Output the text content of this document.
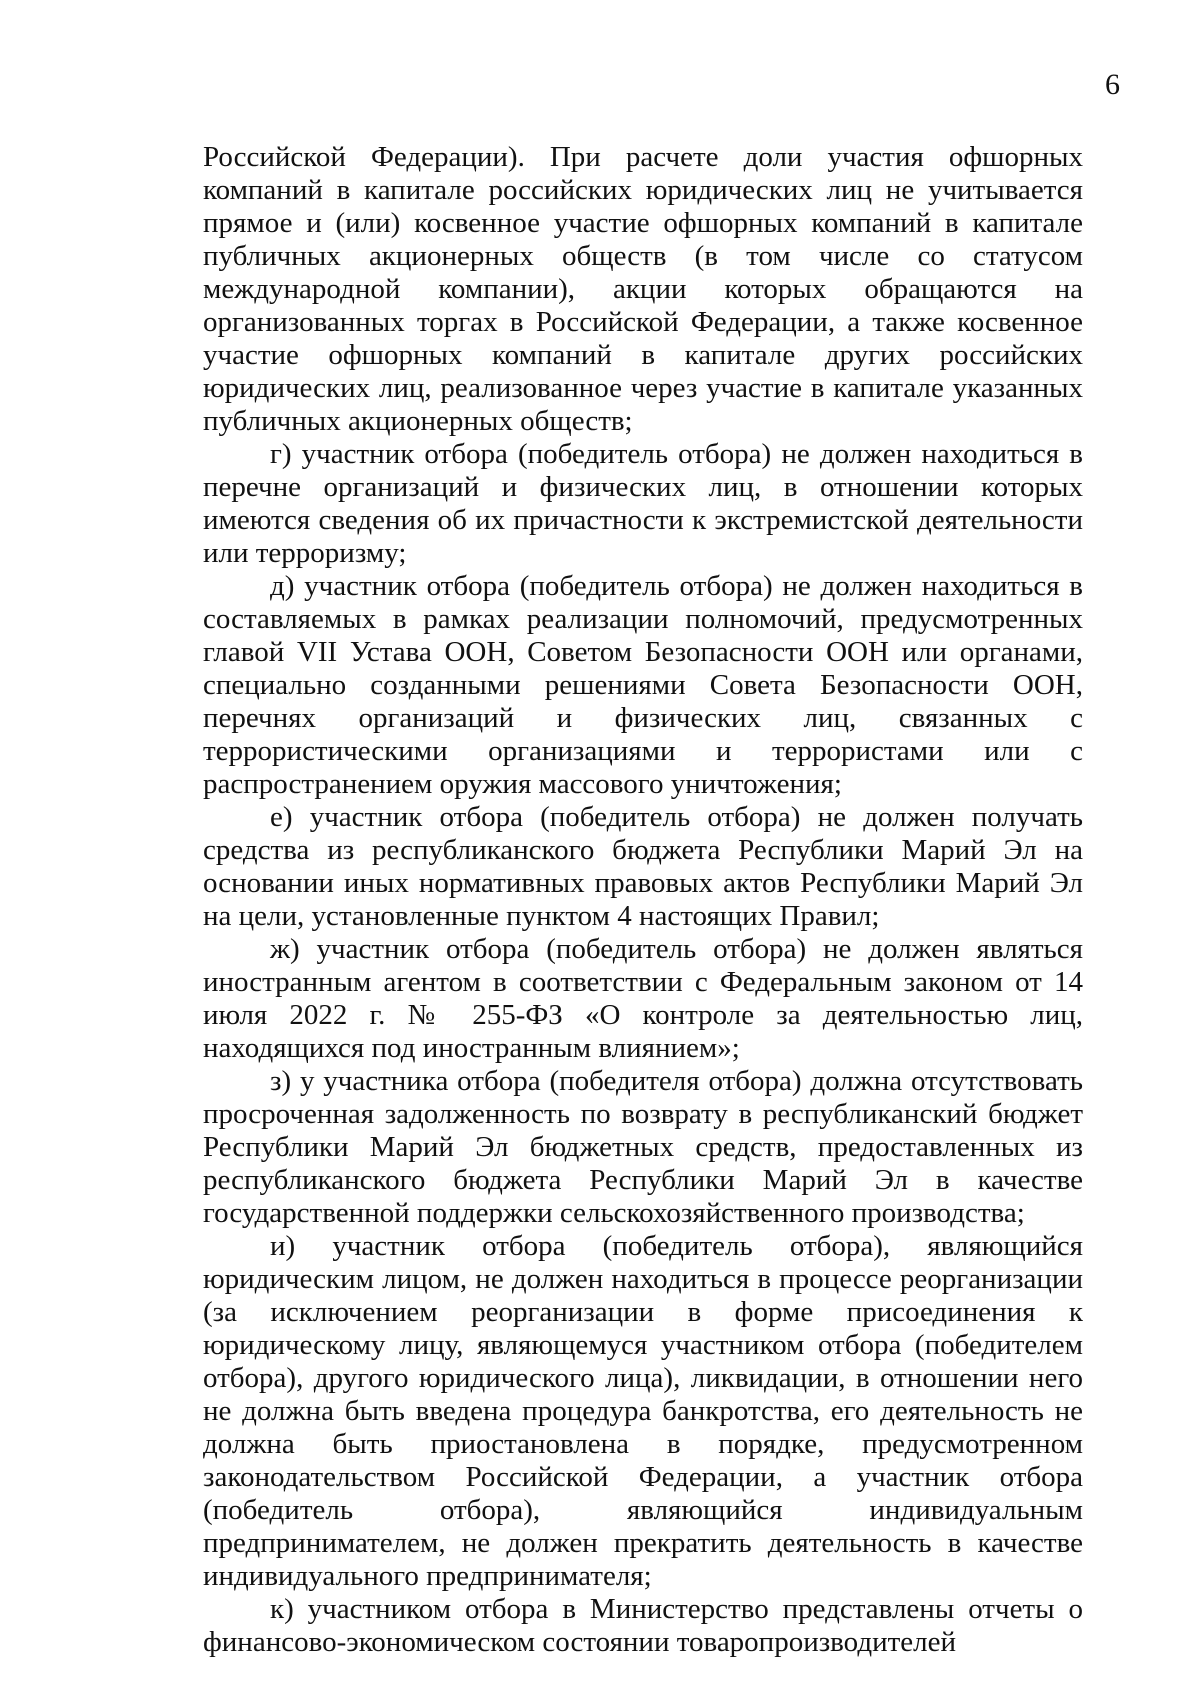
6

Российской Федерации). При расчете доли участия офшорных компаний в капитале российских юридических лиц не учитывается прямое и (или) косвенное участие офшорных компаний в капитале публичных акционерных обществ (в том числе со статусом международной компании), акции которых обращаются на организованных торгах в Российской Федерации, а также косвенное участие офшорных компаний в капитале других российских юридических лиц, реализованное через участие в капитале указанных публичных акционерных обществ;

г) участник отбора (победитель отбора) не должен находиться в перечне организаций и физических лиц, в отношении которых имеются сведения об их причастности к экстремистской деятельности или терроризму;

д) участник отбора (победитель отбора) не должен находиться в составляемых в рамках реализации полномочий, предусмотренных главой VII Устава ООН, Советом Безопасности ООН или органами, специально созданными решениями Совета Безопасности ООН, перечнях организаций и физических лиц, связанных с террористическими организациями и террористами или с распространением оружия массового уничтожения;

е) участник отбора (победитель отбора) не должен получать средства из республиканского бюджета Республики Марий Эл на основании иных нормативных правовых актов Республики Марий Эл на цели, установленные пунктом 4 настоящих Правил;

ж) участник отбора (победитель отбора) не должен являться иностранным агентом в соответствии с Федеральным законом от 14 июля 2022 г. № 255-ФЗ «О контроле за деятельностью лиц, находящихся под иностранным влиянием»;

з) у участника отбора (победителя отбора) должна отсутствовать просроченная задолженность по возврату в республиканский бюджет Республики Марий Эл бюджетных средств, предоставленных из республиканского бюджета Республики Марий Эл в качестве государственной поддержки сельскохозяйственного производства;

и) участник отбора (победитель отбора), являющийся юридическим лицом, не должен находиться в процессе реорганизации (за исключением реорганизации в форме присоединения к юридическому лицу, являющемуся участником отбора (победителем отбора), другого юридического лица), ликвидации, в отношении него не должна быть введена процедура банкротства, его деятельность не должна быть приостановлена в порядке, предусмотренном законодательством Российской Федерации, а участник отбора (победитель отбора), являющийся индивидуальным предпринимателем, не должен прекратить деятельность в качестве индивидуального предпринимателя;

к) участником отбора в Министерство представлены отчеты о финансово-экономическом состоянии товаропроизводителей
